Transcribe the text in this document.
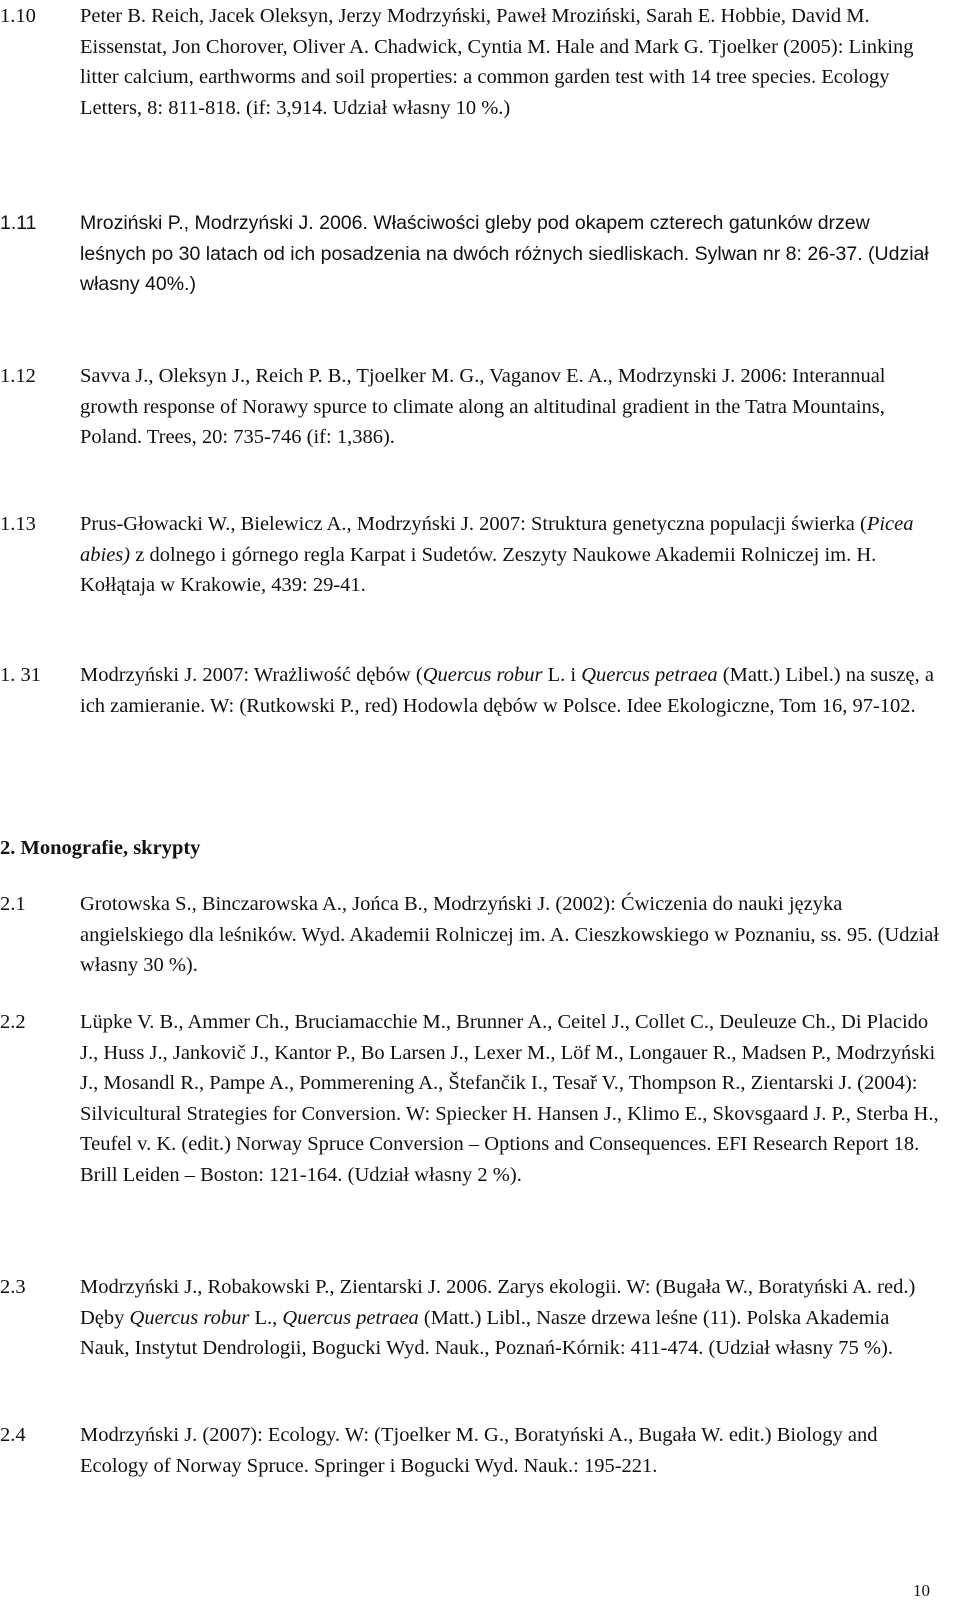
1.10 Peter B. Reich, Jacek Oleksyn, Jerzy Modrzyński, Paweł Mroziński, Sarah E. Hobbie, David M. Eissenstat, Jon Chorover, Oliver A. Chadwick, Cyntia M. Hale and Mark G. Tjoelker (2005): Linking litter calcium, earthworms and soil properties: a common garden test with 14 tree species. Ecology Letters, 8: 811-818. (if: 3,914. Udział własny 10 %.)
1.11 Mroziński P., Modrzyński J. 2006. Właściwości gleby pod okapem czterech gatunków drzew leśnych po 30 latach od ich posadzenia na dwóch różnych siedliskach. Sylwan nr 8: 26-37. (Udział własny 40%.)
1.12 Savva J., Oleksyn J., Reich P. B., Tjoelker M. G., Vaganov E. A., Modrzynski J. 2006: Interannual growth response of Norawy spurce to climate along an altitudinal gradient in the Tatra Mountains, Poland. Trees, 20: 735-746 (if: 1,386).
1.13 Prus-Głowacki W., Bielewicz A., Modrzyński J. 2007: Struktura genetyczna populacji świerka (Picea abies) z dolnego i górnego regla Karpat i Sudetów. Zeszyty Naukowe Akademii Rolniczej im. H. Kołłątaja w Krakowie, 439: 29-41.
1. 31 Modrzyński J. 2007: Wrażliwość dębów (Quercus robur L. i Quercus petraea (Matt.) Libel.) na suszę, a ich zamieranie. W: (Rutkowski P., red) Hodowla dębów w Polsce. Idee Ekologiczne, Tom 16, 97-102.
2. Monografie, skrypty
2.1	Grotowska S., Binczarowska A., Jońca B., Modrzyński J. (2002): Ćwiczenia do nauki języka angielskiego dla leśników. Wyd. Akademii Rolniczej im. A. Cieszkowskiego w Poznaniu, ss. 95. (Udział własny 30 %).
2.2	Lüpke V. B., Ammer Ch., Bruciamacchie M., Brunner A., Ceitel J., Collet C., Deuleuze Ch., Di Placido J., Huss J., Jankovič J., Kantor P., Bo Larsen J., Lexer M., Löf M., Longauer R., Madsen P., Modrzyński J., Mosandl R., Pampe A., Pommerening A., Štefančik I., Tesař V., Thompson R., Zientarski J. (2004): Silvicultural Strategies for Conversion. W: Spiecker H. Hansen J., Klimo E., Skovsgaard J. P., Sterba H., Teufel v. K. (edit.) Norway Spruce Conversion – Options and Consequences. EFI Research Report 18. Brill Leiden – Boston: 121-164. (Udział własny 2 %).
2.3	Modrzyński J., Robakowski P., Zientarski J. 2006. Zarys ekologii. W: (Bugała W., Boratyński A. red.) Dęby Quercus robur L., Quercus petraea (Matt.) Libl., Nasze drzewa leśne (11). Polska Akademia Nauk, Instytut Dendrologii, Bogucki Wyd. Nauk., Poznań-Kórnik: 411-474. (Udział własny 75 %).
2.4	Modrzyński J. (2007): Ecology. W: (Tjoelker M. G., Boratyński A., Bugała W. edit.) Biology and Ecology of Norway Spruce. Springer i Bogucki Wyd. Nauk.: 195-221.
10
